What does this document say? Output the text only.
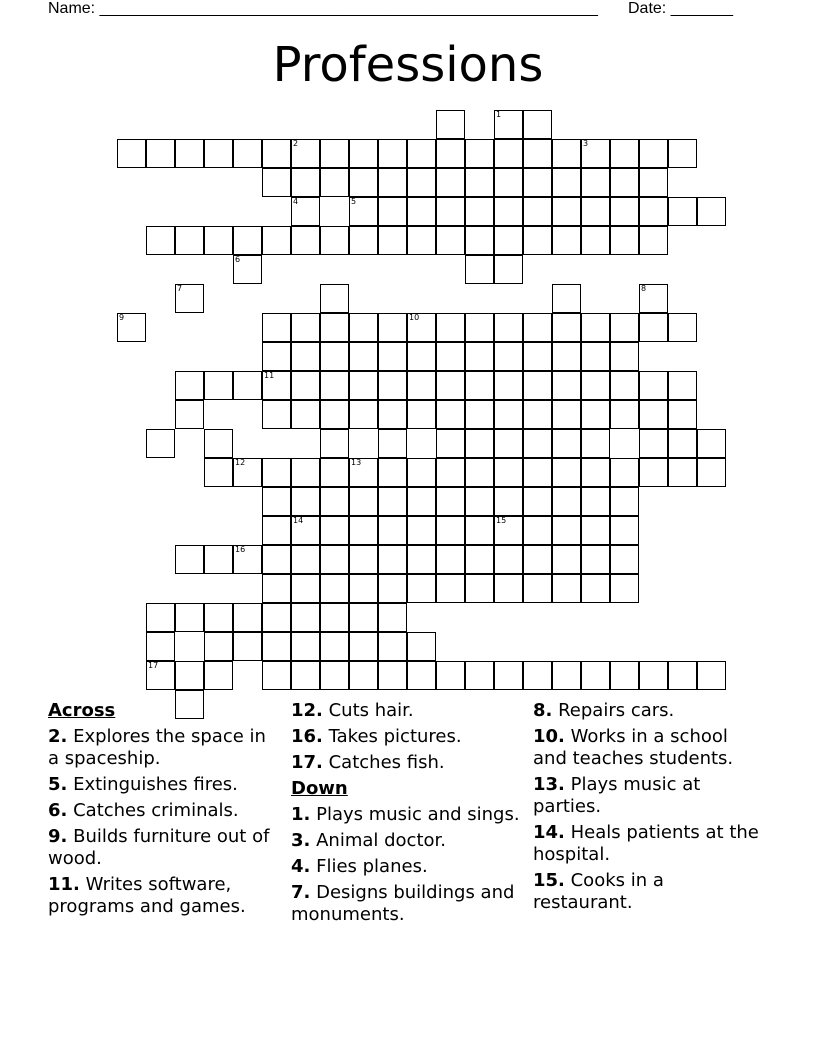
Name: ________________________________________________________ Date: _______
Professions
17
16
5
11
10
2	3
12	13
14	15
1
4
6
7	8
9
Across
2. Explores the space in a spaceship.
5. Extinguishes fires.
6. Catches criminals.
9. Builds furniture out of wood.
11. Writes software, programs and games.
12. Cuts hair.
16. Takes pictures.
17. Catches fish.
Down
1. Plays music and sings.
3. Animal doctor.
4. Flies planes.
7. Designs buildings and monuments.
8. Repairs cars.
10. Works in a school and teaches students.
13. Plays music at parties.
14. Heals patients at the hospital.
15. Cooks in a restaurant.
